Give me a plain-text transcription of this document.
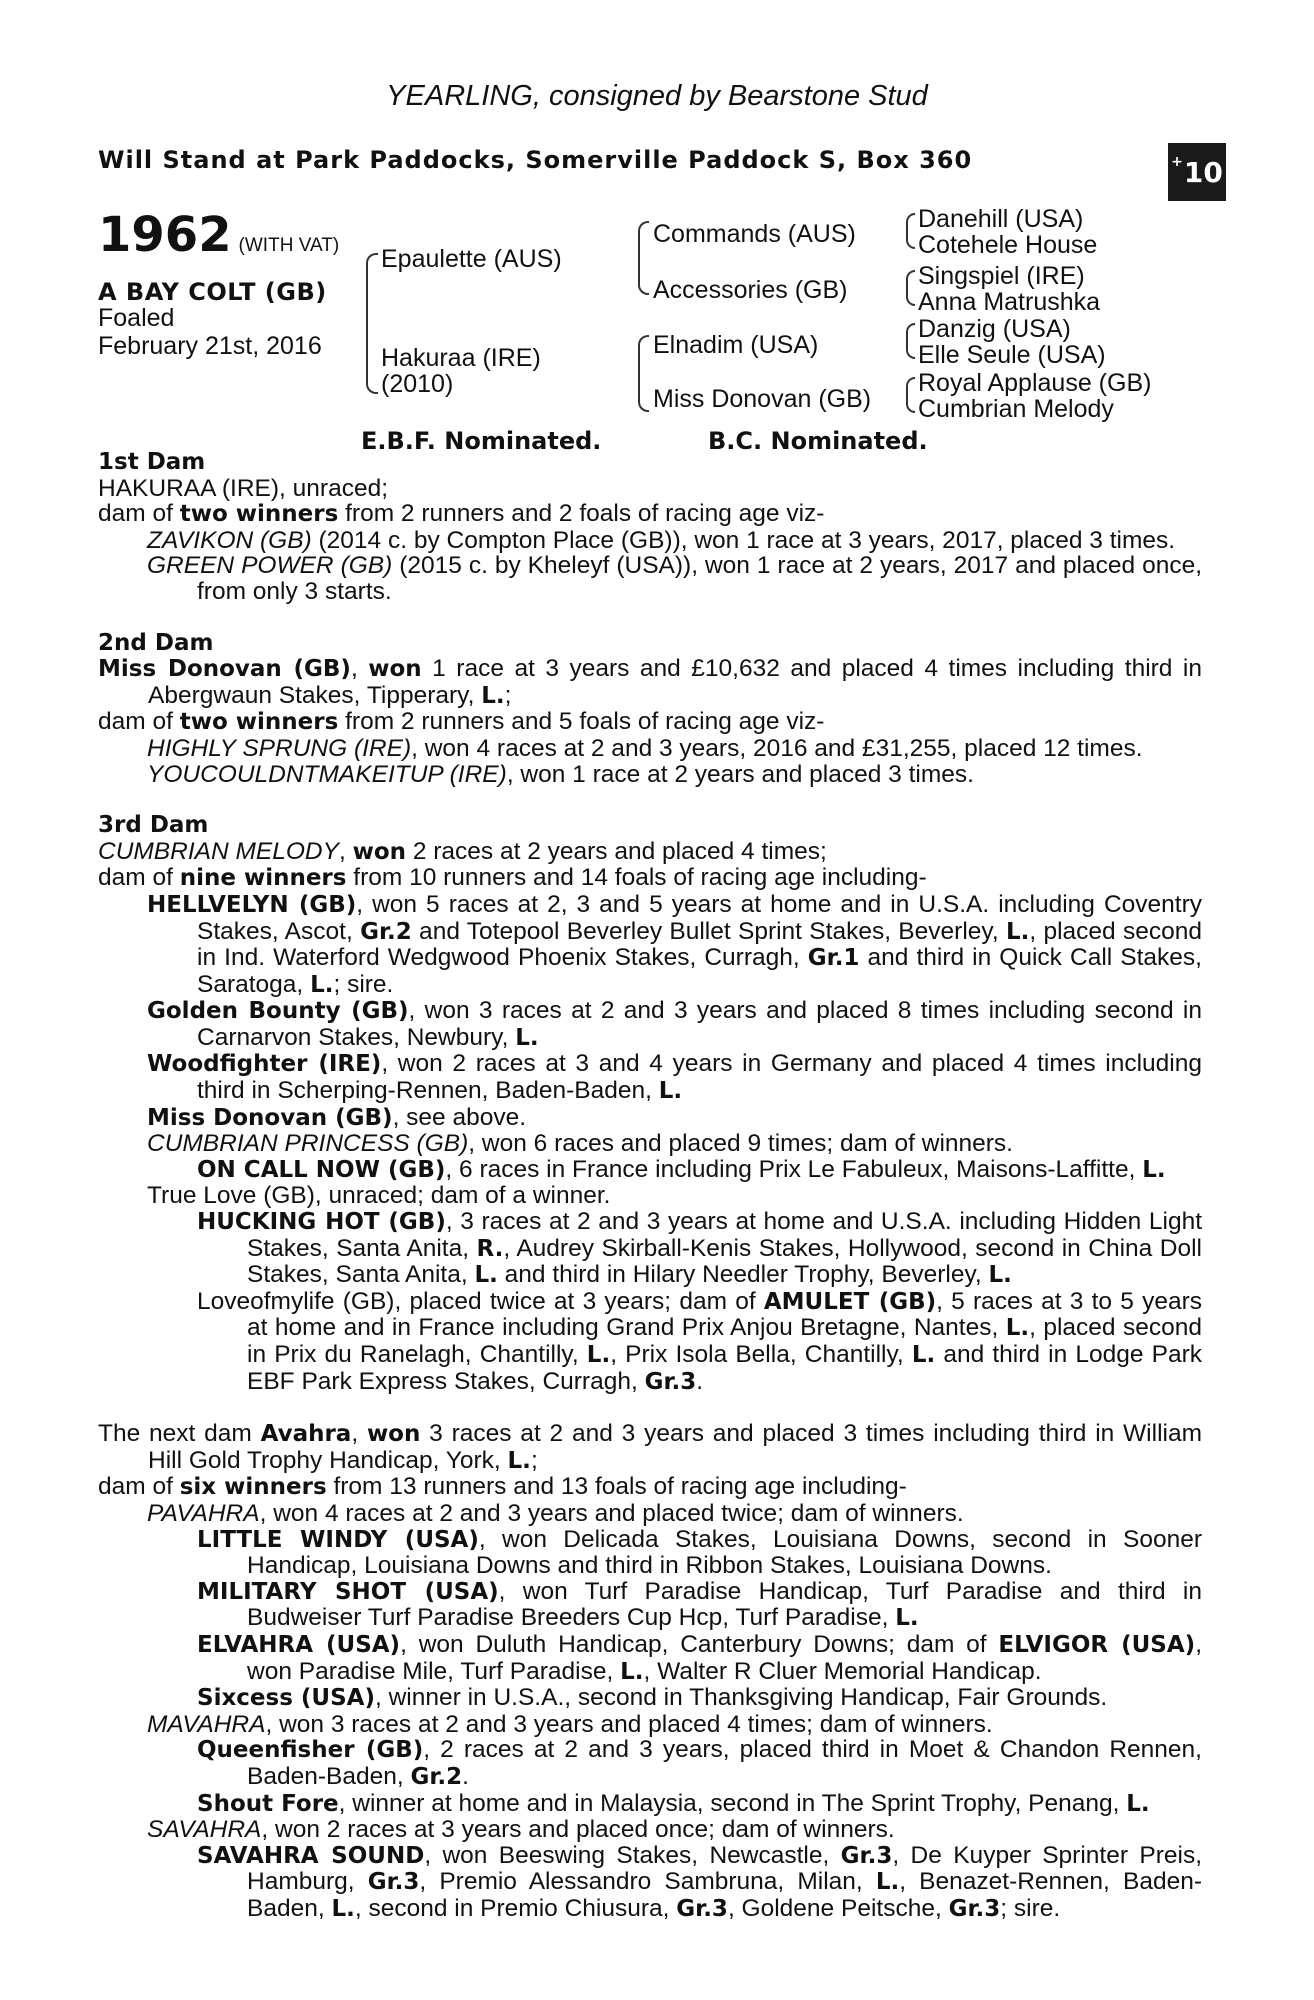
YEARLING, consigned by Bearstone Stud
Will Stand at Park Paddocks, Somerville Paddock S, Box 360	+ 10
1962 (WITH VAT)
A BAY COLT (GB)
Foaled
February 21st, 2016
Epaulette (AUS)
Hakuraa (IRE)
(2010)
Commands (AUS)
Accessories (GB)
Elnadim (USA)
Miss Donovan (GB)
Danehill (USA)
Cotehele House
Singspiel (IRE)
Anna Matrushka
Danzig (USA)
Elle Seule (USA)
Royal Applause (GB)
Cumbrian Melody
E.B.F. Nominated.	B.C. Nominated.

1st Dam

HAKURAA (IRE), unraced;

dam of two winners from 2 runners and 2 foals of racing age viz-

ZAVIKON (GB) (2014 c. by Compton Place (GB)), won 1 race at 3 years, 2017, placed 3 times.

GREEN POWER (GB) (2015 c. by Kheleyf (USA)), won 1 race at 2 years, 2017 and placed once, from only 3 starts.

2nd Dam

Miss Donovan (GB), won 1 race at 3 years and £10,632 and placed 4 times including third in Abergwaun Stakes, Tipperary, L.;

dam of two winners from 2 runners and 5 foals of racing age viz-

HIGHLY SPRUNG (IRE), won 4 races at 2 and 3 years, 2016 and £31,255, placed 12 times.

YOUCOULDNTMAKEITUP (IRE), won 1 race at 2 years and placed 3 times.

3rd Dam

CUMBRIAN MELODY, won 2 races at 2 years and placed 4 times;

dam of nine winners from 10 runners and 14 foals of racing age including-

HELLVELYN (GB), won 5 races at 2, 3 and 5 years at home and in U.S.A. including Coventry Stakes, Ascot, Gr.2 and Totepool Beverley Bullet Sprint Stakes, Beverley, L., placed second in Ind. Waterford Wedgwood Phoenix Stakes, Curragh, Gr.1 and third in Quick Call Stakes, Saratoga, L.; sire.

Golden Bounty (GB), won 3 races at 2 and 3 years and placed 8 times including second in Carnarvon Stakes, Newbury, L.

Woodfighter (IRE), won 2 races at 3 and 4 years in Germany and placed 4 times including third in Scherping-Rennen, Baden-Baden, L.

Miss Donovan (GB), see above.

CUMBRIAN PRINCESS (GB), won 6 races and placed 9 times; dam of winners.

ON CALL NOW (GB), 6 races in France including Prix Le Fabuleux, Maisons-Laffitte, L.

True Love (GB), unraced; dam of a winner.

HUCKING HOT (GB), 3 races at 2 and 3 years at home and U.S.A. including Hidden Light Stakes, Santa Anita, R., Audrey Skirball-Kenis Stakes, Hollywood, second in China Doll Stakes, Santa Anita, L. and third in Hilary Needler Trophy, Beverley, L.

Loveofmylife (GB), placed twice at 3 years; dam of AMULET (GB), 5 races at 3 to 5 years at home and in France including Grand Prix Anjou Bretagne, Nantes, L., placed second in Prix du Ranelagh, Chantilly, L., Prix Isola Bella, Chantilly, L. and third in Lodge Park EBF Park Express Stakes, Curragh, Gr.3.

The next dam Avahra, won 3 races at 2 and 3 years and placed 3 times including third in William Hill Gold Trophy Handicap, York, L.;

dam of six winners from 13 runners and 13 foals of racing age including-

PAVAHRA, won 4 races at 2 and 3 years and placed twice; dam of winners.

LITTLE WINDY (USA), won Delicada Stakes, Louisiana Downs, second in Sooner Handicap, Louisiana Downs and third in Ribbon Stakes, Louisiana Downs.

MILITARY SHOT (USA), won Turf Paradise Handicap, Turf Paradise and third in Budweiser Turf Paradise Breeders Cup Hcp, Turf Paradise, L.

ELVAHRA (USA), won Duluth Handicap, Canterbury Downs; dam of ELVIGOR (USA), won Paradise Mile, Turf Paradise, L., Walter R Cluer Memorial Handicap.

Sixcess (USA), winner in U.S.A., second in Thanksgiving Handicap, Fair Grounds.

MAVAHRA, won 3 races at 2 and 3 years and placed 4 times; dam of winners.

Queenfisher (GB), 2 races at 2 and 3 years, placed third in Moet & Chandon Rennen, Baden-Baden, Gr.2.

Shout Fore, winner at home and in Malaysia, second in The Sprint Trophy, Penang, L.

SAVAHRA, won 2 races at 3 years and placed once; dam of winners.

SAVAHRA SOUND, won Beeswing Stakes, Newcastle, Gr.3, De Kuyper Sprinter Preis, Hamburg, Gr.3, Premio Alessandro Sambruna, Milan, L., Benazet-Rennen, Baden-Baden, L., second in Premio Chiusura, Gr.3, Goldene Peitsche, Gr.3; sire.
